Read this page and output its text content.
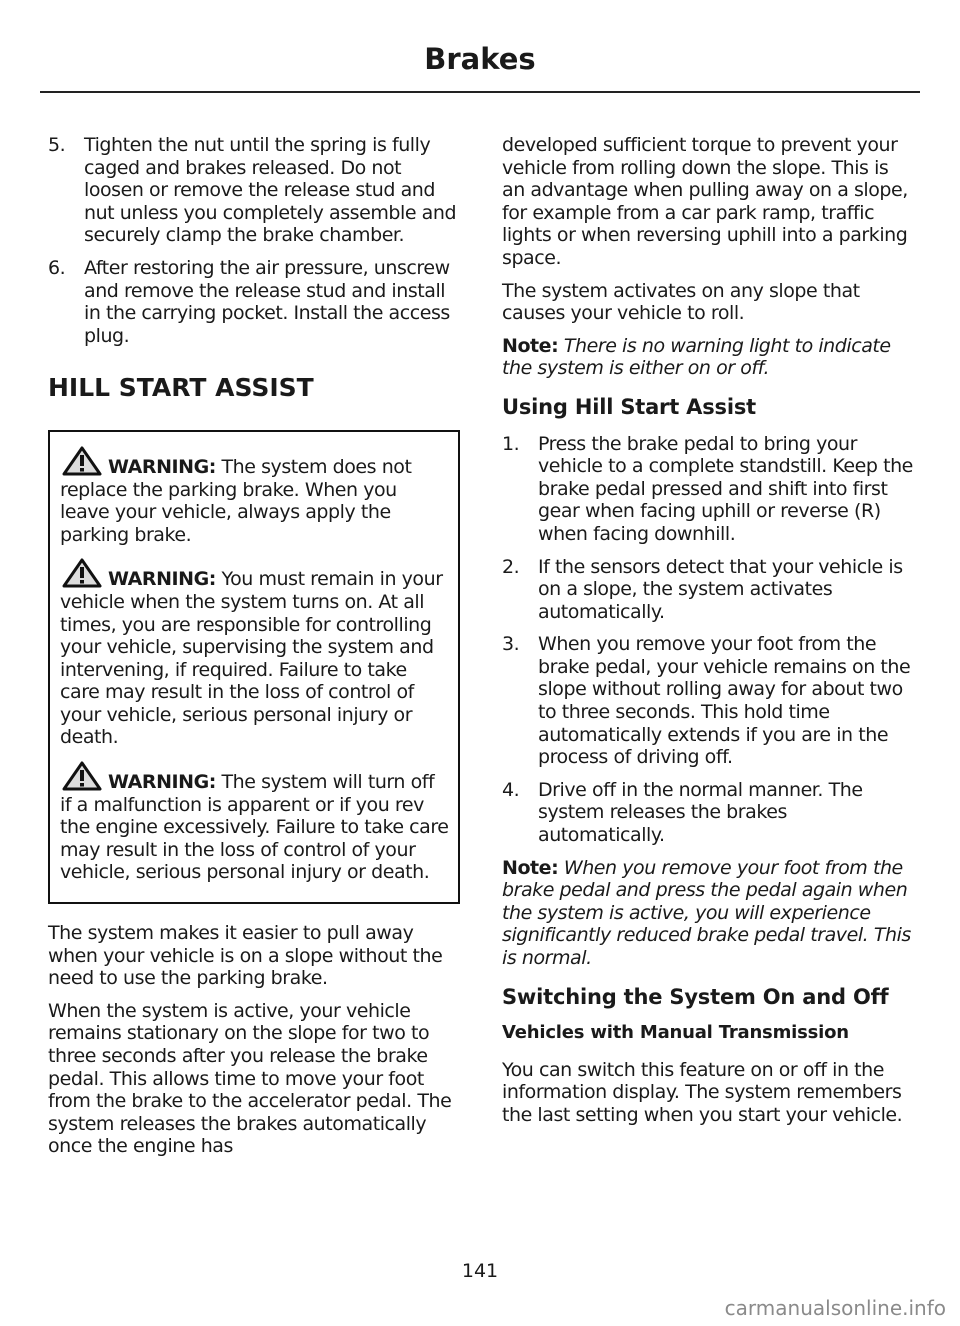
Brakes
5. Tighten the nut until the spring is fully caged and brakes released. Do not loosen or remove the release stud and nut unless you completely assemble and securely clamp the brake chamber.
6. After restoring the air pressure, unscrew and remove the release stud and install in the carrying pocket. Install the access plug.
HILL START ASSIST
WARNING: The system does not replace the parking brake. When you leave your vehicle, always apply the parking brake.
WARNING: You must remain in your vehicle when the system turns on. At all times, you are responsible for controlling your vehicle, supervising the system and intervening, if required. Failure to take care may result in the loss of control of your vehicle, serious personal injury or death.
WARNING: The system will turn off if a malfunction is apparent or if you rev the engine excessively. Failure to take care may result in the loss of control of your vehicle, serious personal injury or death.

The system makes it easier to pull away when your vehicle is on a slope without the need to use the parking brake.

When the system is active, your vehicle remains stationary on the slope for two to three seconds after you release the brake pedal. This allows time to move your foot from the brake to the accelerator pedal. The system releases the brakes automatically once the engine has

developed sufficient torque to prevent your vehicle from rolling down the slope. This is an advantage when pulling away on a slope, for example from a car park ramp, traffic lights or when reversing uphill into a parking space.

The system activates on any slope that causes your vehicle to roll.

Note: There is no warning light to indicate the system is either on or off.

Using Hill Start Assist
1. Press the brake pedal to bring your vehicle to a complete standstill. Keep the brake pedal pressed and shift into first gear when facing uphill or reverse (R) when facing downhill.
2. If the sensors detect that your vehicle is on a slope, the system activates automatically.
3. When you remove your foot from the brake pedal, your vehicle remains on the slope without rolling away for about two to three seconds. This hold time automatically extends if you are in the process of driving off.
4. Drive off in the normal manner. The system releases the brakes automatically.

Note: When you remove your foot from the brake pedal and press the pedal again when the system is active, you will experience significantly reduced brake pedal travel. This is normal.

Switching the System On and Off
Vehicles with Manual Transmission

You can switch this feature on or off in the information display. The system remembers the last setting when you start your vehicle.

141
carmanualsonline.info
